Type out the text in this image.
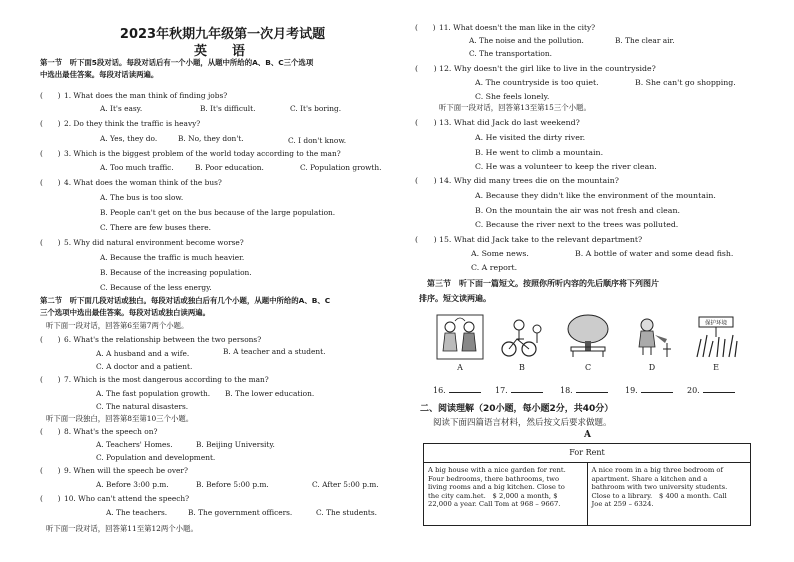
2023年秋期九年级第一次月考试题
英　语
第一节　听下面5段对话。每段对话后有一个小题，从题中所给的A、B、C三个选项
中选出最佳答案。每段对话读两遍。
(　　) 1. What does the man think of finding jobs?
A. It's easy.	B. It's difficult.	C. It's boring.
(　　) 2. Do they think the traffic is heavy?
A. Yes, they do.	B. No, they don't.	C. I don't know.
(　　) 3. Which is the biggest problem of the world today according to the man?
A. Too much traffic.	B. Poor education.	C. Population growth.
(　　) 4. What does the woman think of the bus?
A. The bus is too slow.
B. People can't get on the bus because of the large population.
C. There are few buses there.
(　　) 5. Why did natural environment become worse?
A. Because the traffic is much heavier.
B. Because of the increasing population.
C. Because of the less energy.
第二节　听下面几段对话或独白。每段对话或独白后有几个小题，从题中所给的A、B、C
三个选项中选出最佳答案。每段对话或独白读两遍。
听下面一段对话，回答第6至第7两个小题。
(　　) 6. What's the relationship between the two persons?
A. A husband and a wife.	B. A teacher and a student.
C. A doctor and a patient.
(　　) 7. Which is the most dangerous according to the man?
A. The fast population growth. B. The lower education.
C. The natural disasters.
听下面一段独白，回答第8至第10三个小题。
(　　) 8. What's the speech on?
A. Teachers' Homes.	B. Beijing University.
C. Population and development.
(　　) 9. When will the speech be over?
A. Before 3:00 p.m.	B. Before 5:00 p.m.	C. After 5:00 p.m.
(　　) 10. Who can't attend the speech?
A. The teachers.	B. The government officers.	C. The students.
听下面一段对话，回答第11至第12两个小题。
(　　) 11. What doesn't the man like in the city?
A. The noise and the pollution.	B. The clear air.
C. The transportation.
(　　) 12. Why doesn't the girl like to live in the countryside?
A. The countryside is too quiet.	B. She can't go shopping.
C. She feels lonely.
听下面一段对话，回答第13至第15三个小题。
(　　) 13. What did Jack do last weekend?
A. He visited the dirty river.
B. He went to climb a mountain.
C. He was a volunteer to keep the river clean.
(　　) 14. Why did many trees die on the mountain?
A. Because they didn't like the environment of the mountain.
B. On the mountain the air was not fresh and clean.
C. Because the river next to the trees was polluted.
(　　) 15. What did Jack take to the relevant department?
A. Some news.	B. A bottle of water and some dead fish.
C. A report.
第三节　听下面一篇短文。按照你所听内容的先后顺序将下列图片
排序。短文读两遍。
保护环境
A	B	C	D	E
16.	17.	18.	19.	20.
二、阅读理解（20小题，每小题2分，共40分）
阅读下面四篇语言材料，然后按文后要求做题。
A
For Rent
A big house with a nice garden for rent.
Four bedrooms, there bathrooms, two
living rooms and a big kitchen. Close to
the city cam.het.　$ 2,000 a month, $
22,000 a year. Call Tom at 968 – 9667.
A nice room in a big three bedroom of
apartment. Share a kitchen and a
bathroom with two university students.
Close to a library.　$ 400 a month. Call
Joe at 259 – 6324.
